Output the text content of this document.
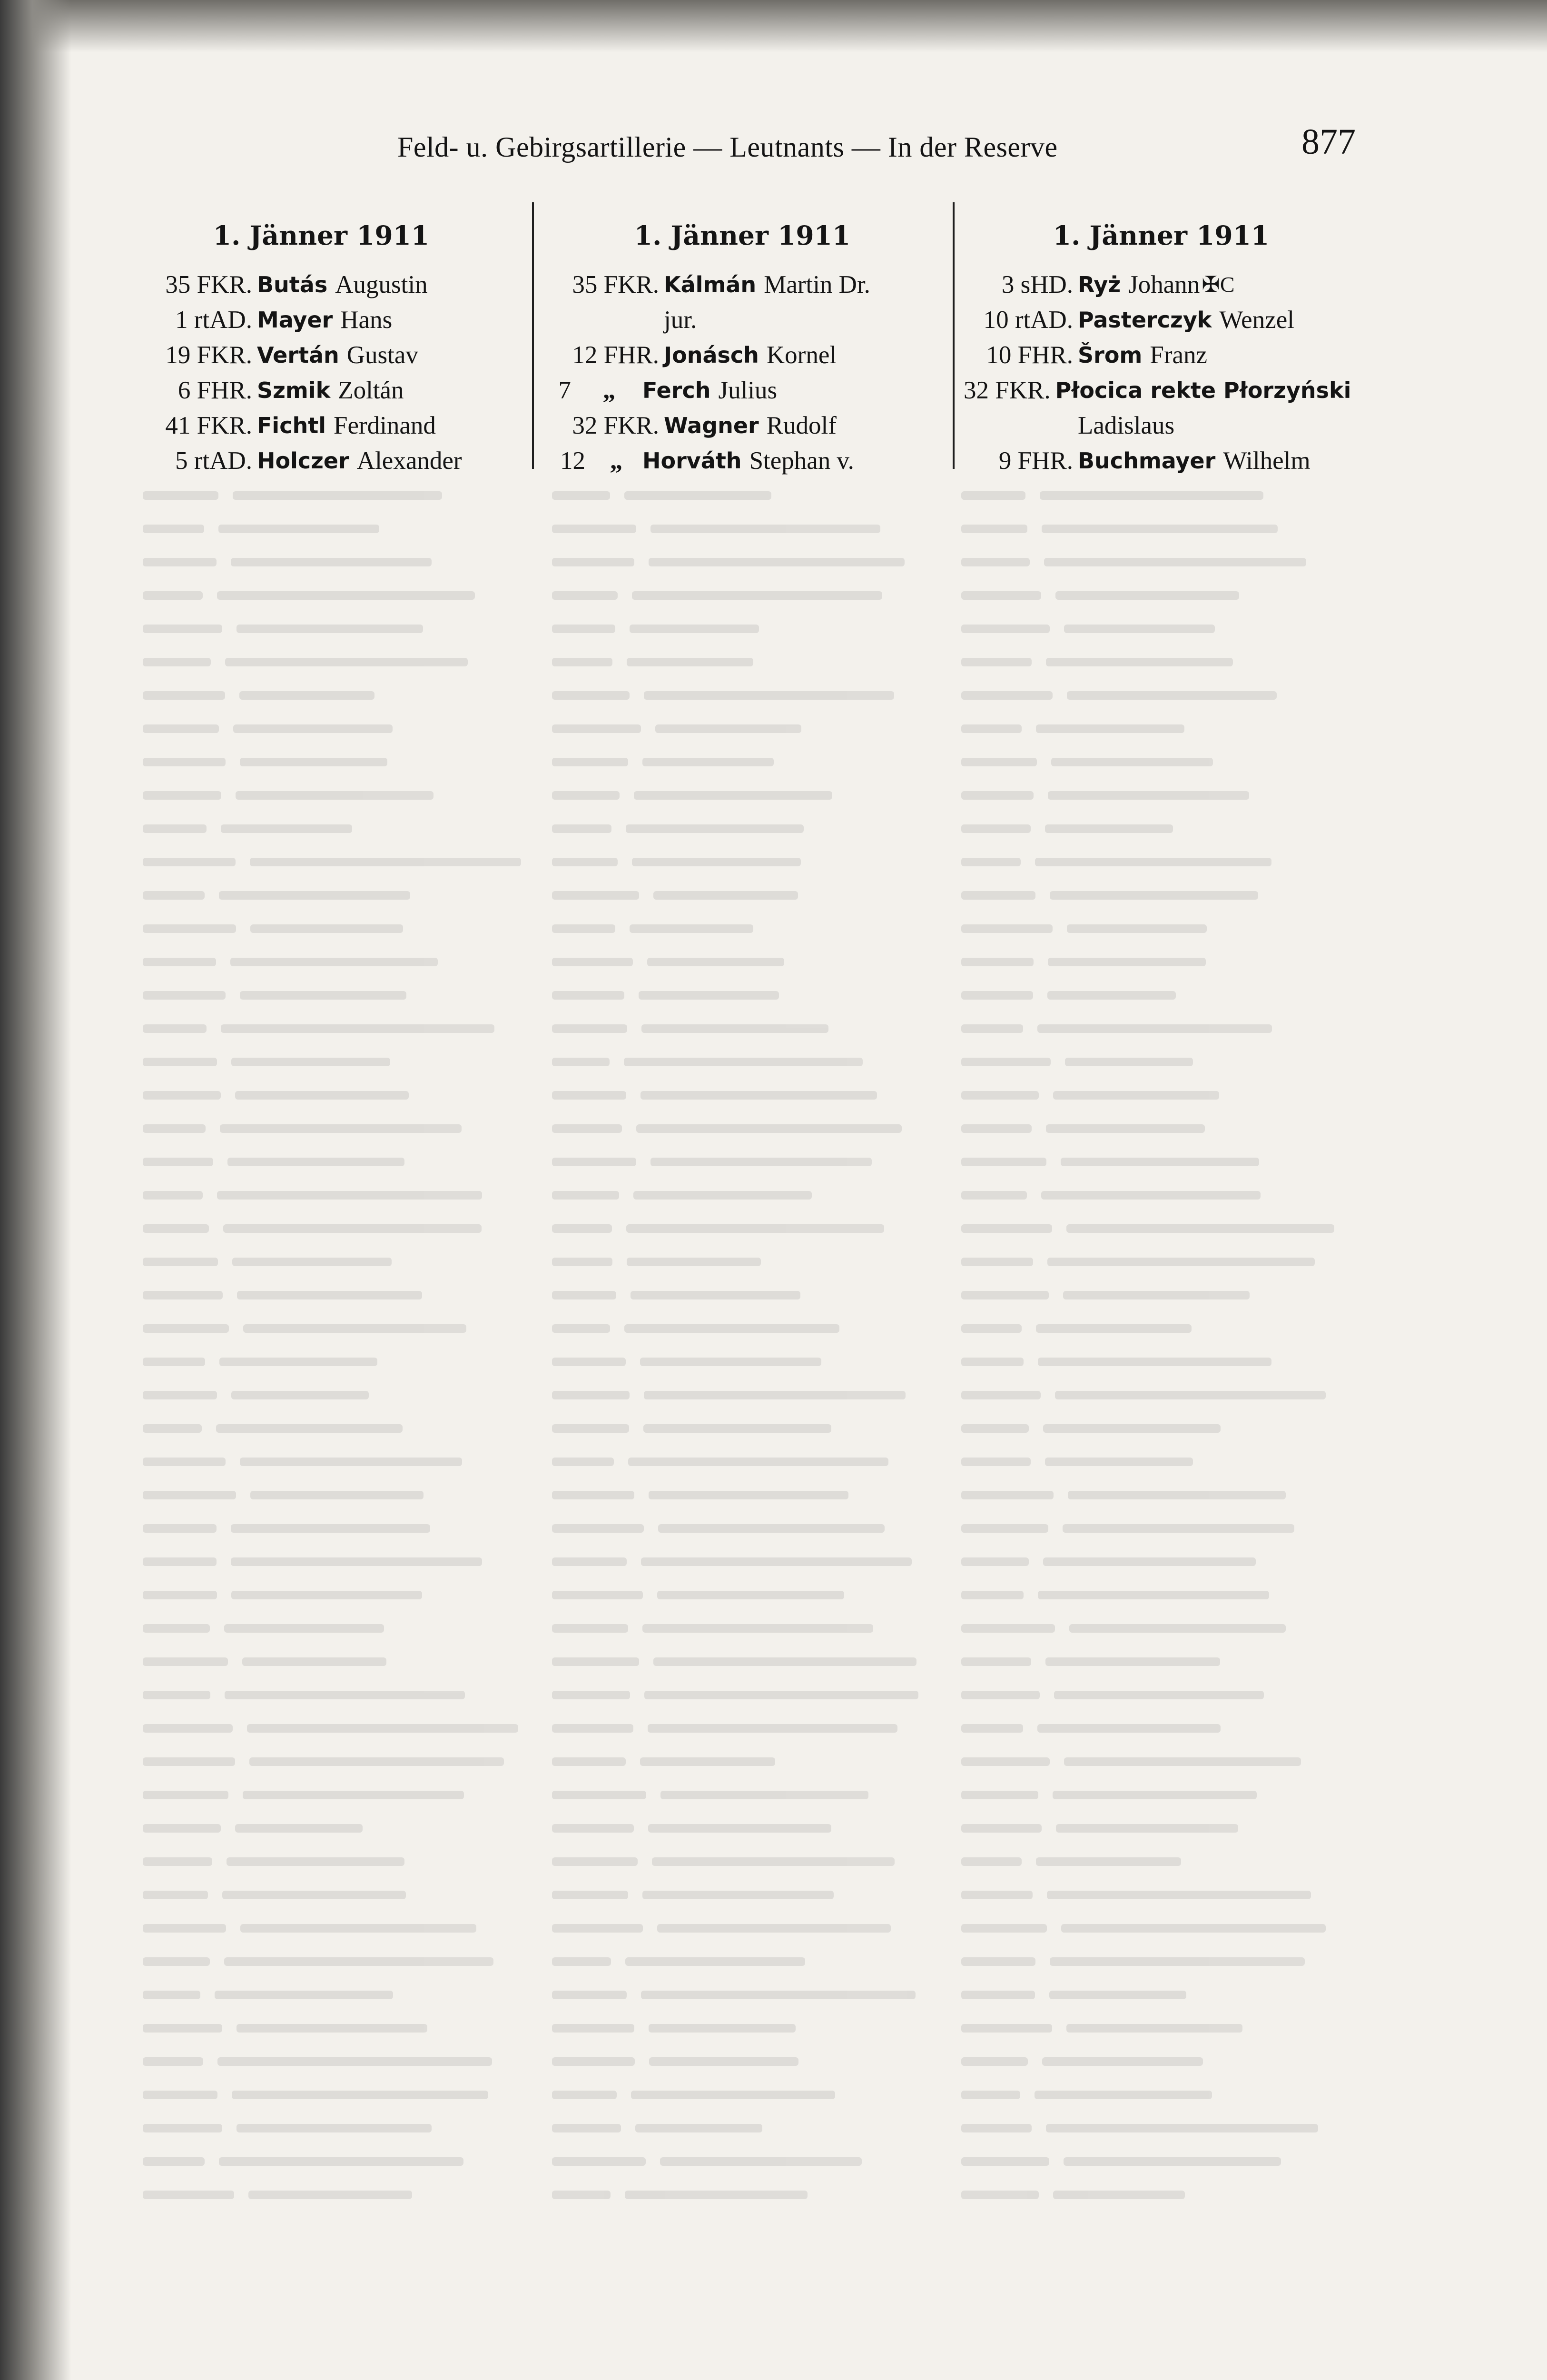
Feld- u. Gebirgsartillerie — Leutnants — In der Reserve	877
1. Jänner 1911
35 FKR. Butás Augustin
1 rtAD. Mayer Hans
19 FKR. Vertán Gustav
6 FHR. Szmik Zoltán
41 FKR. Fichtl Ferdinand
5 rtAD. Holczer Alexander
1. Jänner 1911
35 FKR. Kálmán Martin Dr.
jur.
12 FHR. Jonásch Kornel
7	„	Ferch Julius
32 FKR. Wagner Rudolf
12 „ Horváth Stephan v.
1. Jänner 1911
3 sHD. Ryż Johann ✠C
10 rtAD. Pasterczyk Wenzel
10 FHR. Šrom Franz
32 FKR. Płocica rekte Płorzyński
Ladislaus
9 FHR. Buchmayer Wilhelm
